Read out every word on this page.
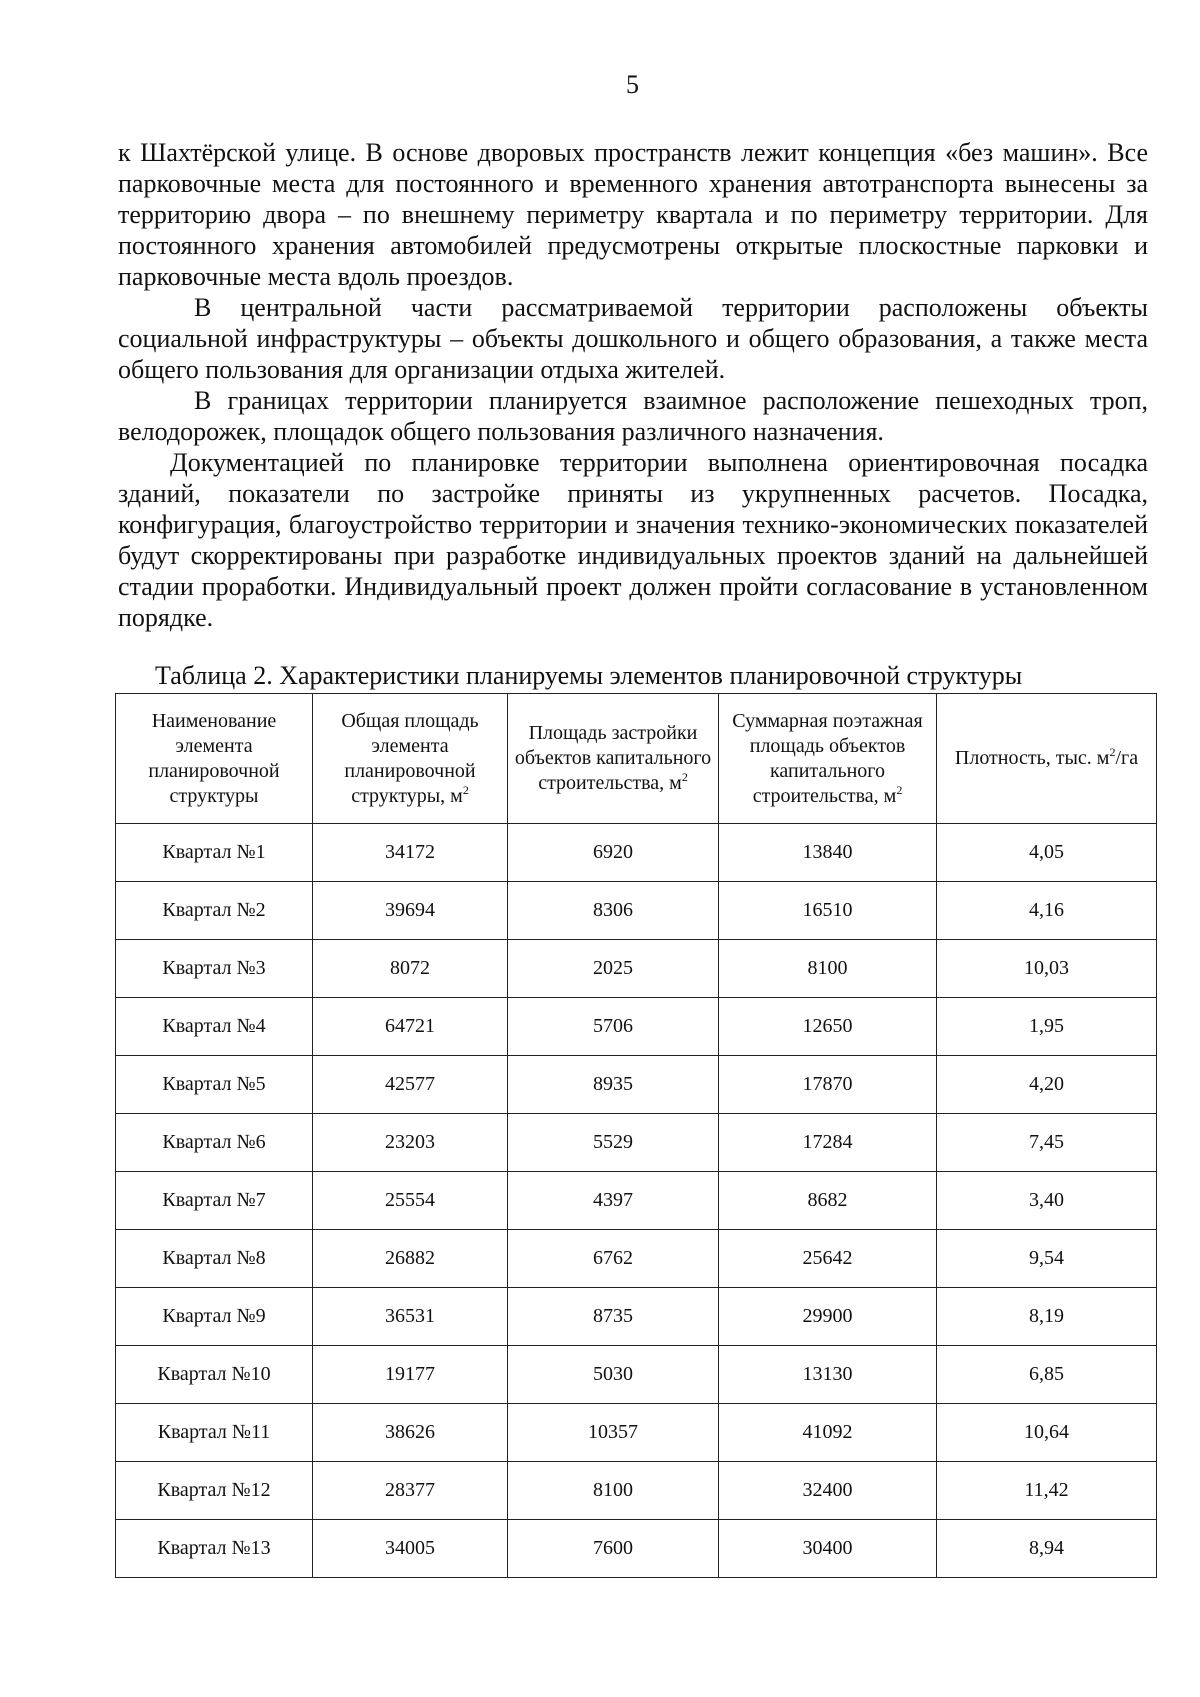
5

к Шахтёрской улице. В основе дворовых пространств лежит концепция «без машин». Все парковочные места для постоянного и временного хранения автотранспорта вынесены за территорию двора – по внешнему периметру квартала и по периметру территории. Для постоянного хранения автомобилей предусмотрены открытые плоскостные парковки и парковочные места вдоль проездов.

В центральной части рассматриваемой территории расположены объекты социальной инфраструктуры – объекты дошкольного и общего образования, а также места общего пользования для организации отдыха жителей.

В границах территории планируется взаимное расположение пешеходных троп, велодорожек, площадок общего пользования различного назначения.

Документацией по планировке территории выполнена ориентировочная посадка зданий, показатели по застройке приняты из укрупненных расчетов. Посадка, конфигурация, благоустройство территории и значения технико-экономических показателей будут скорректированы при разработке индивидуальных проектов зданий на дальнейшей стадии проработки. Индивидуальный проект должен пройти согласование в установленном порядке.

Таблица 2. Характеристики планируемы элементов планировочной структуры
Наименование элемента планировочной структуры	Общая площадь элемента планировочной структуры, $м^2$	Площадь застройки объектов капитального строительства, $м^2$	Суммарная поэтажная площадь объектов капитального строительства, $м^2$	Плотность, тыс. $м^2/га$
Квартал №1	34172	6920	13840	4,05
Квартал №2	39694	8306	16510	4,16
Квартал №3	8072	2025	8100	10,03
Квартал №4	64721	5706	12650	1,95
Квартал №5	42577	8935	17870	4,20
Квартал №6	23203	5529	17284	7,45
Квартал №7	25554	4397	8682	3,40
Квартал №8	26882	6762	25642	9,54
Квартал №9	36531	8735	29900	8,19
Квартал №10	19177	5030	13130	6,85
Квартал №11	38626	10357	41092	10,64
Квартал №12	28377	8100	32400	11,42
Квартал №13	34005	7600	30400	8,94
